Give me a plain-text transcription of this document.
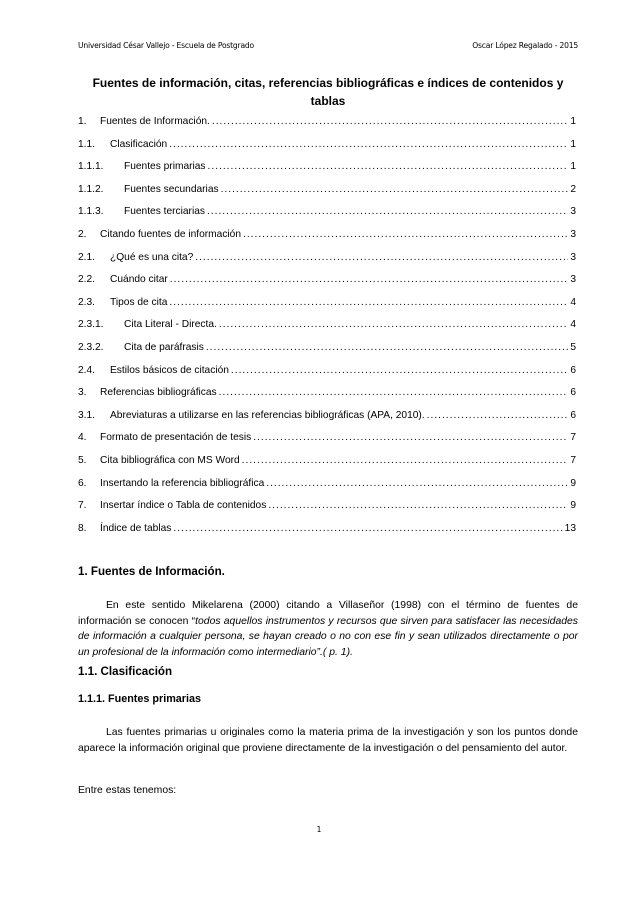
Universidad César Vallejo - Escuela de Postgrado	Oscar López Regalado - 2015
Fuentes de información, citas, referencias bibliográficas e índices de contenidos y tablas
1.	Fuentes de Información. .....	1
1.1.	Clasificación .....	1
1.1.1.	Fuentes primarias .....	1
1.1.2.	Fuentes secundarias .....	2
1.1.3.	Fuentes terciarias .....	3
2.	Citando fuentes de información .....	3
2.1.	¿Qué es una cita? .....	3
2.2.	Cuándo citar .....	3
2.3.	Tipos de cita .....	4
2.3.1.	Cita Literal - Directa. .....	4
2.3.2.	Cita de paráfrasis .....	5
2.4.	Estilos básicos de citación .....	6
3.	Referencias bibliográficas .....	6
3.1.	Abreviaturas a utilizarse en las referencias bibliográficas (APA, 2010). .....	6
4.	Formato de presentación de tesis .....	7
5.	Cita bibliográfica con MS Word .....	7
6.	Insertando la referencia bibliográfica .....	9
7.	Insertar índice o Tabla de contenidos .....	9
8.	Índice de tablas .....	13
1. Fuentes de Información.
En este sentido Mikelarena (2000) citando a Villaseñor (1998) con el término de fuentes de información se conocen “todos aquellos instrumentos y recursos que sirven para satisfacer las necesidades de información a cualquier persona, se hayan creado o no con ese fin y sean utilizados directamente o por un profesional de la información como intermediario”.( p. 1).
1.1. Clasificación
1.1.1. Fuentes primarias
Las fuentes primarias u originales como la materia prima de la investigación y son los puntos donde aparece la información original que proviene directamente de la investigación o del pensamiento del autor.
Entre estas tenemos:
1
